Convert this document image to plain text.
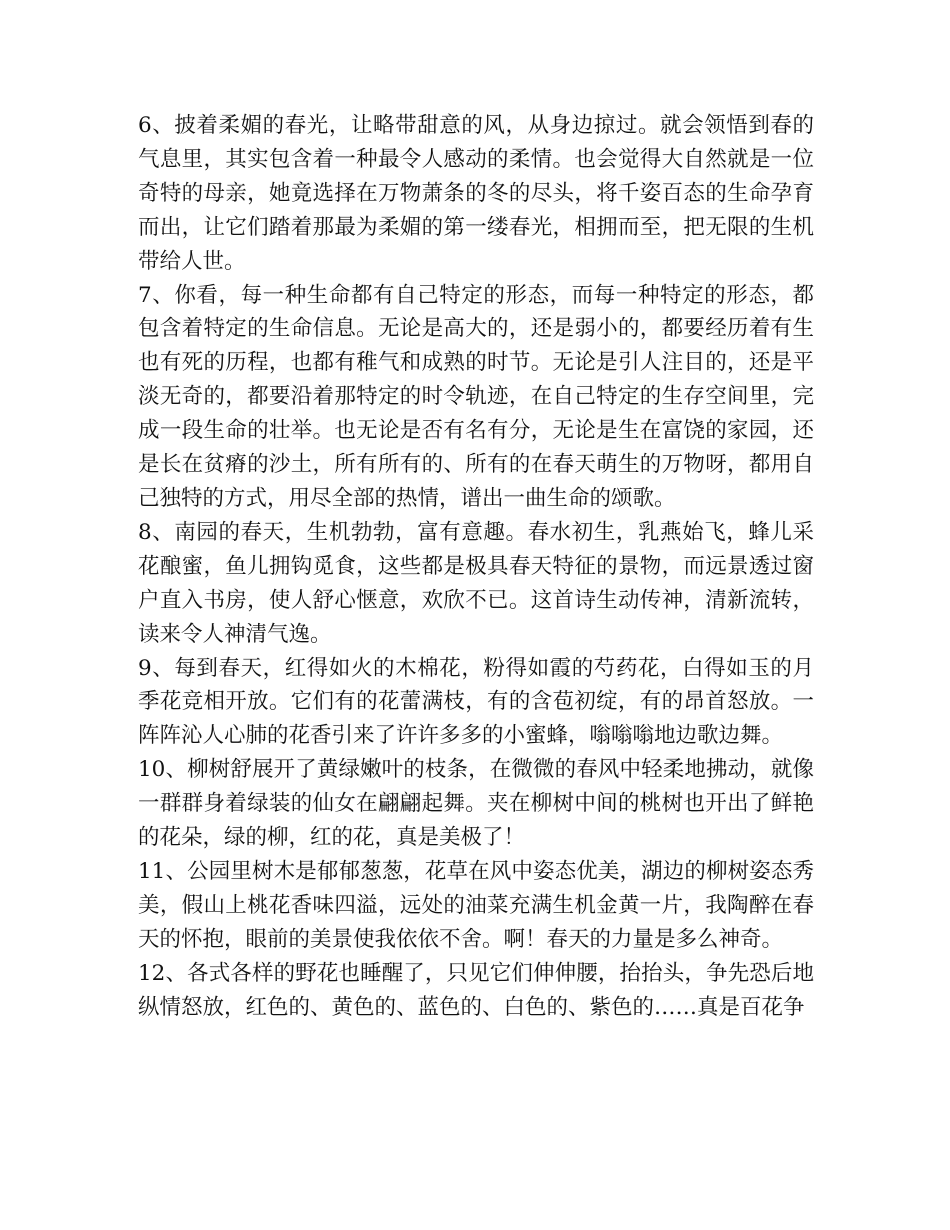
6、披着柔媚的春光，让略带甜意的风，从身边掠过。就会领悟到春的气息里，其实包含着一种最令人感动的柔情。也会觉得大自然就是一位奇特的母亲，她竟选择在万物萧条的冬的尽头，将千姿百态的生命孕育而出，让它们踏着那最为柔媚的第一缕春光，相拥而至，把无限的生机带给人世。

7、你看，每一种生命都有自己特定的形态，而每一种特定的形态，都包含着特定的生命信息。无论是高大的，还是弱小的，都要经历着有生也有死的历程，也都有稚气和成熟的时节。无论是引人注目的，还是平淡无奇的，都要沿着那特定的时令轨迹，在自己特定的生存空间里，完成一段生命的壮举。也无论是否有名有分，无论是生在富饶的家园，还是长在贫瘠的沙土，所有所有的、所有的在春天萌生的万物呀，都用自己独特的方式，用尽全部的热情，谱出一曲生命的颂歌。

8、南园的春天，生机勃勃，富有意趣。春水初生，乳燕始飞，蜂儿采花酿蜜，鱼儿拥钩觅食，这些都是极具春天特征的景物，而远景透过窗户直入书房，使人舒心惬意，欢欣不已。这首诗生动传神，清新流转，读来令人神清气逸。

9、每到春天，红得如火的木棉花，粉得如霞的芍药花，白得如玉的月季花竞相开放。它们有的花蕾满枝，有的含苞初绽，有的昂首怒放。一阵阵沁人心肺的花香引来了许许多多的小蜜蜂，嗡嗡嗡地边歌边舞。

10、柳树舒展开了黄绿嫩叶的枝条，在微微的春风中轻柔地拂动，就像一群群身着绿装的仙女在翩翩起舞。夹在柳树中间的桃树也开出了鲜艳的花朵，绿的柳，红的花，真是美极了！

11、公园里树木是郁郁葱葱，花草在风中姿态优美，湖边的柳树姿态秀美，假山上桃花香味四溢，远处的油菜充满生机金黄一片，我陶醉在春天的怀抱，眼前的美景使我依依不舍。啊！春天的力量是多么神奇。

12、各式各样的野花也睡醒了，只见它们伸伸腰，抬抬头，争先恐后地纵情怒放，红色的、黄色的、蓝色的、白色的、紫色的……真是百花争
